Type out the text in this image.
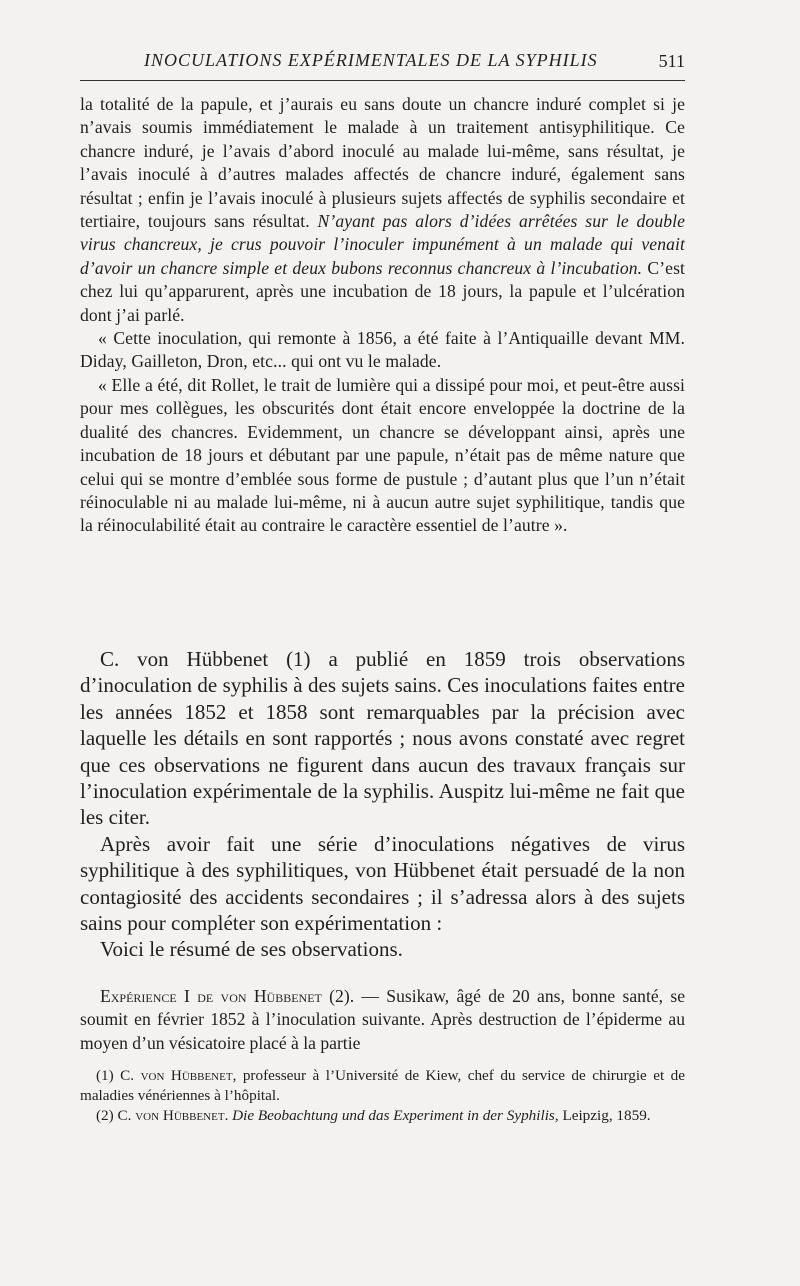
INOCULATIONS EXPÉRIMENTALES DE LA SYPHILIS	511

la totalité de la papule, et j’aurais eu sans doute un chancre induré complet si je n’avais soumis immédiatement le malade à un traitement antisyphilitique. Ce chancre induré, je l’avais d’abord inoculé au malade lui-même, sans résultat, je l’avais inoculé à d’autres malades affectés de chancre induré, également sans résultat ; enfin je l’avais inoculé à plusieurs sujets affectés de syphilis secondaire et tertiaire, toujours sans résultat. N’ayant pas alors d’idées arrêtées sur le double virus chancreux, je crus pouvoir l’inoculer impunément à un malade qui venait d’avoir un chancre simple et deux bubons reconnus chancreux à l’incubation. C’est chez lui qu’apparurent, après une incubation de 18 jours, la papule et l’ulcération dont j’ai parlé.

« Cette inoculation, qui remonte à 1856, a été faite à l’Antiquaille devant MM. Diday, Gailleton, Dron, etc... qui ont vu le malade.

« Elle a été, dit Rollet, le trait de lumière qui a dissipé pour moi, et peut-être aussi pour mes collègues, les obscurités dont était encore enveloppée la doctrine de la dualité des chancres. Evidemment, un chancre se développant ainsi, après une incubation de 18 jours et débutant par une papule, n’était pas de même nature que celui qui se montre d’emblée sous forme de pustule ; d’autant plus que l’un n’était réinoculable ni au malade lui-même, ni à aucun autre sujet syphilitique, tandis que la réinoculabilité était au contraire le caractère essentiel de l’autre ».

C. von Hübbenet (1) a publié en 1859 trois observations d’inoculation de syphilis à des sujets sains. Ces inoculations faites entre les années 1852 et 1858 sont remarquables par la précision avec laquelle les détails en sont rapportés ; nous avons constaté avec regret que ces observations ne figurent dans aucun des travaux français sur l’inoculation expérimentale de la syphilis. Auspitz lui-même ne fait que les citer.

Après avoir fait une série d’inoculations négatives de virus syphilitique à des syphilitiques, von Hübbenet était persuadé de la non contagiosité des accidents secondaires ; il s’adressa alors à des sujets sains pour compléter son expérimentation :

Voici le résumé de ses observations.

Expérience I de von Hübbenet (2). — Susikaw, âgé de 20 ans, bonne santé, se soumit en février 1852 à l’inoculation suivante. Après destruction de l’épiderme au moyen d’un vésicatoire placé à la partie

(1) C. von Hübbenet, professeur à l’Université de Kiew, chef du service de chirurgie et de maladies vénériennes à l’hôpital.

(2) C. von Hübbenet. Die Beobachtung und das Experiment in der Syphilis, Leipzig, 1859.
